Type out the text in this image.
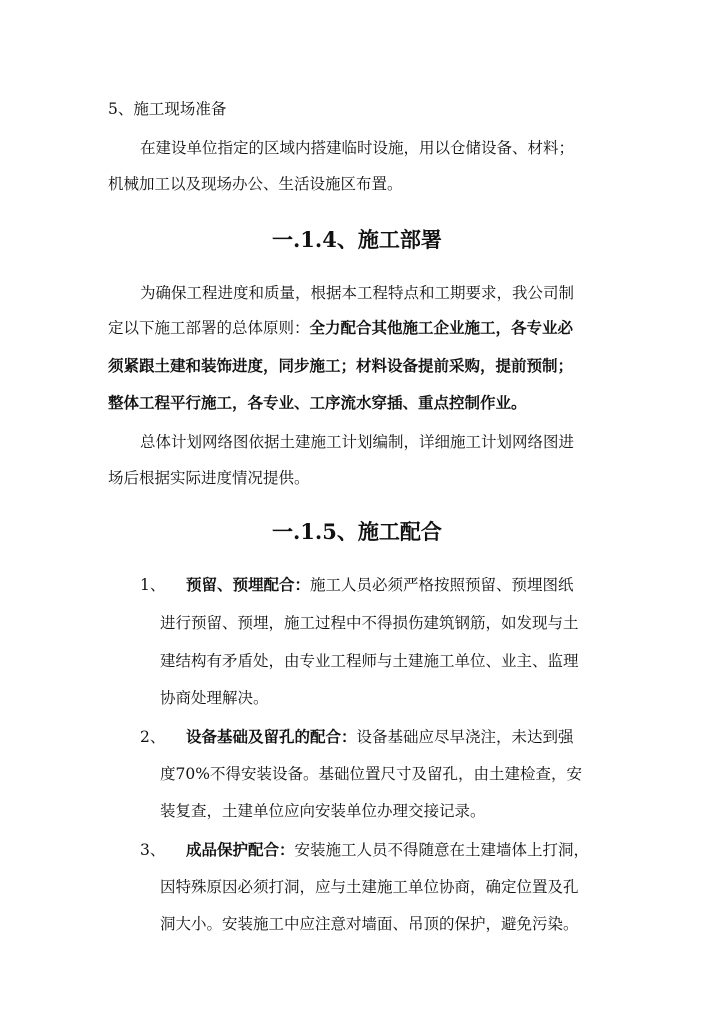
5、施工现场准备
在建设单位指定的区域内搭建临时设施，用以仓储设备、材料；
机械加工以及现场办公、生活设施区布置。
一.1.4、施工部署
为确保工程进度和质量，根据本工程特点和工期要求，我公司制
定以下施工部署的总体原则：全力配合其他施工企业施工，各专业必
须紧跟土建和装饰进度，同步施工；材料设备提前采购，提前预制；
整体工程平行施工，各专业、工序流水穿插、重点控制作业。
总体计划网络图依据土建施工计划编制，详细施工计划网络图进
场后根据实际进度情况提供。
一.1.5、施工配合
1、 预留、预埋配合：施工人员必须严格按照预留、预埋图纸
进行预留、预埋，施工过程中不得损伤建筑钢筋，如发现与土
建结构有矛盾处，由专业工程师与土建施工单位、业主、监理
协商处理解决。
2、 设备基础及留孔的配合：设备基础应尽早浇注，未达到强
度70%不得安装设备。基础位置尺寸及留孔，由土建检查，安
装复查，土建单位应向安装单位办理交接记录。
3、 成品保护配合：安装施工人员不得随意在土建墙体上打洞，
因特殊原因必须打洞，应与土建施工单位协商，确定位置及孔
洞大小。安装施工中应注意对墙面、吊顶的保护，避免污染。
